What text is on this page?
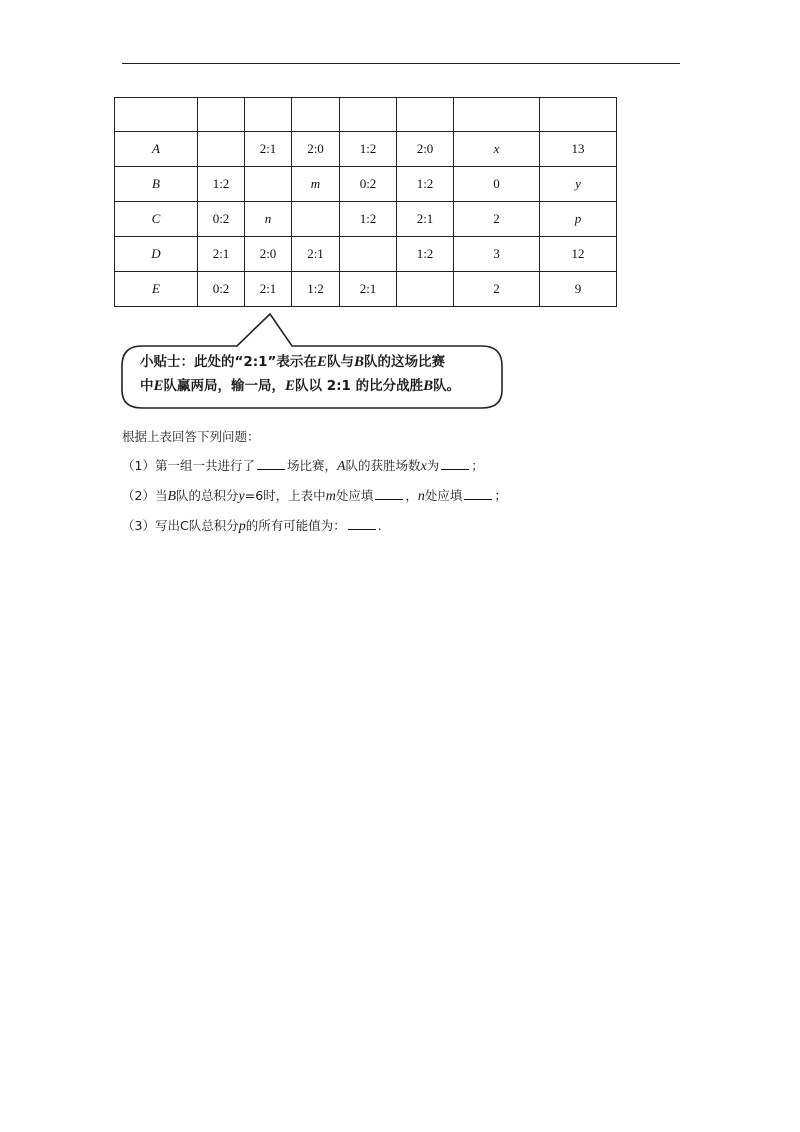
A		2:1	2:0	1:2	2:0	x	13
B	1:2		m	0:2	1:2	0	y
C	0:2	n		1:2	2:1	2	p
D	2:1	2:0	2:1		1:2	3	12
E	0:2	2:1	1:2	2:1		2	9
小贴士：此处的“2:1”表示在E队与B队的这场比赛
中E队赢两局，输一局，E队以 2:1 的比分战胜B队。
根据上表回答下列问题：
（1）第一组一共进行了	场比赛，A队的获胜场数x为	；
（2）当B队的总积分y=6时，上表中m处应填	，n处应填	；
（3）写出C队总积分p的所有可能值为：	.
